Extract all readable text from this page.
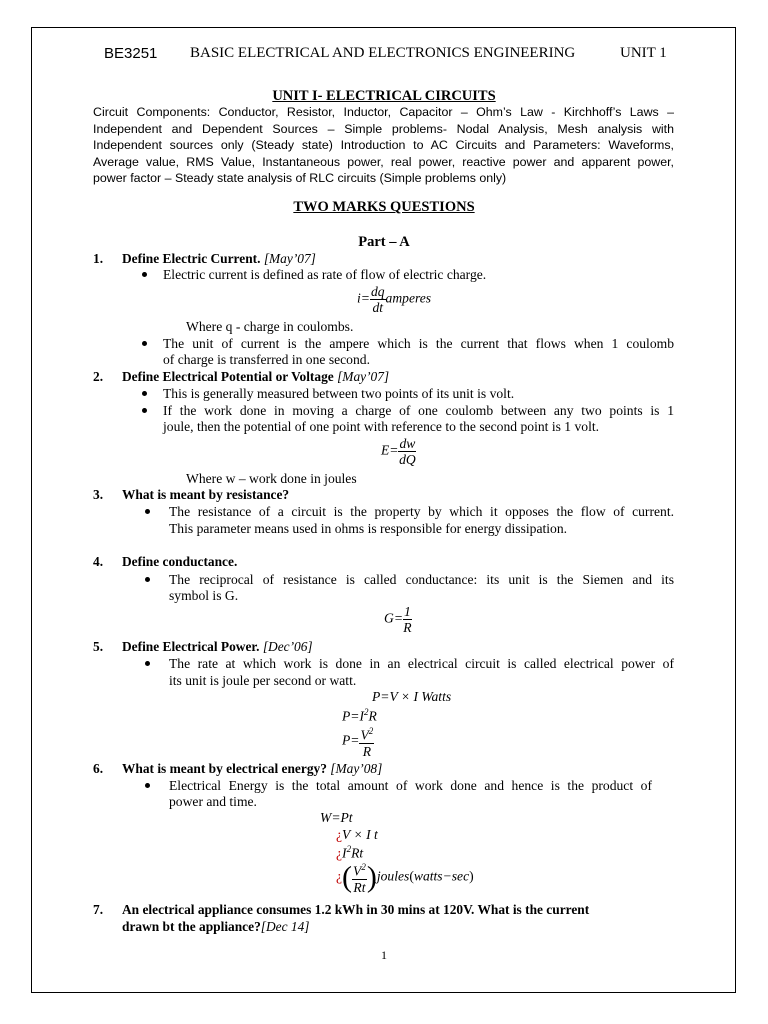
BE3251 BASIC ELECTRICAL AND ELECTRONICS ENGINEERING	UNIT 1
UNIT I- ELECTRICAL CIRCUITS
Circuit Components: Conductor, Resistor, Inductor, Capacitor – Ohm’s Law - Kirchhoff’s Laws –
Independent and Dependent Sources – Simple problems- Nodal Analysis, Mesh analysis with
Independent sources only (Steady state) Introduction to AC Circuits and Parameters: Waveforms,
Average value, RMS Value, Instantaneous power, real power, reactive power and apparent power,
power factor – Steady state analysis of RLC circuits (Simple problems only)
TWO MARKS QUESTIONS
Part – A
1. Define Electric Current. [May’07]
Electric current is defined as rate of flow of electric charge.
$i= \frac{dq}{dt}$ amperes
Where q - charge in coulombs.
The unit of current is the ampere which is the current that flows when 1 coulomb
of charge is transferred in one second.
2. Define Electrical Potential or Voltage [May’07]
This is generally measured between two points of its unit is volt.
If the work done in moving a charge of one coulomb between any two points is 1
joule, then the potential of one point with reference to the second point is 1 volt.
$E= \frac{dw}{dQ}$
Where w – work done in joules
3. What is meant by resistance?
The resistance of a circuit is the property by which it opposes the flow of current.
This parameter means used in ohms is responsible for energy dissipation.
4. Define conductance.
The reciprocal of resistance is called conductance: its unit is the Siemen and its
symbol is G.
$G= \frac{1}{R}$
5. Define Electrical Power. [Dec’06]
The rate at which work is done in an electrical circuit is called electrical power of
its unit is joule per second or watt.
P=V × I Watts
$P=I^2R$
$P= \frac{V^2}{R}$
6. What is meant by electrical energy? [May’08]
Electrical Energy is the total amount of work done and hence is the product of
power and time.
W=Pt
¿V × I t
¿$I^2Rt$
¿( $\frac{V^2}{Rt}$ )joules(watts−sec)
7. An electrical appliance consumes 1.2 kWh in 30 mins at 120V. What is the current
drawn bt the appliance?[Dec 14]
1
